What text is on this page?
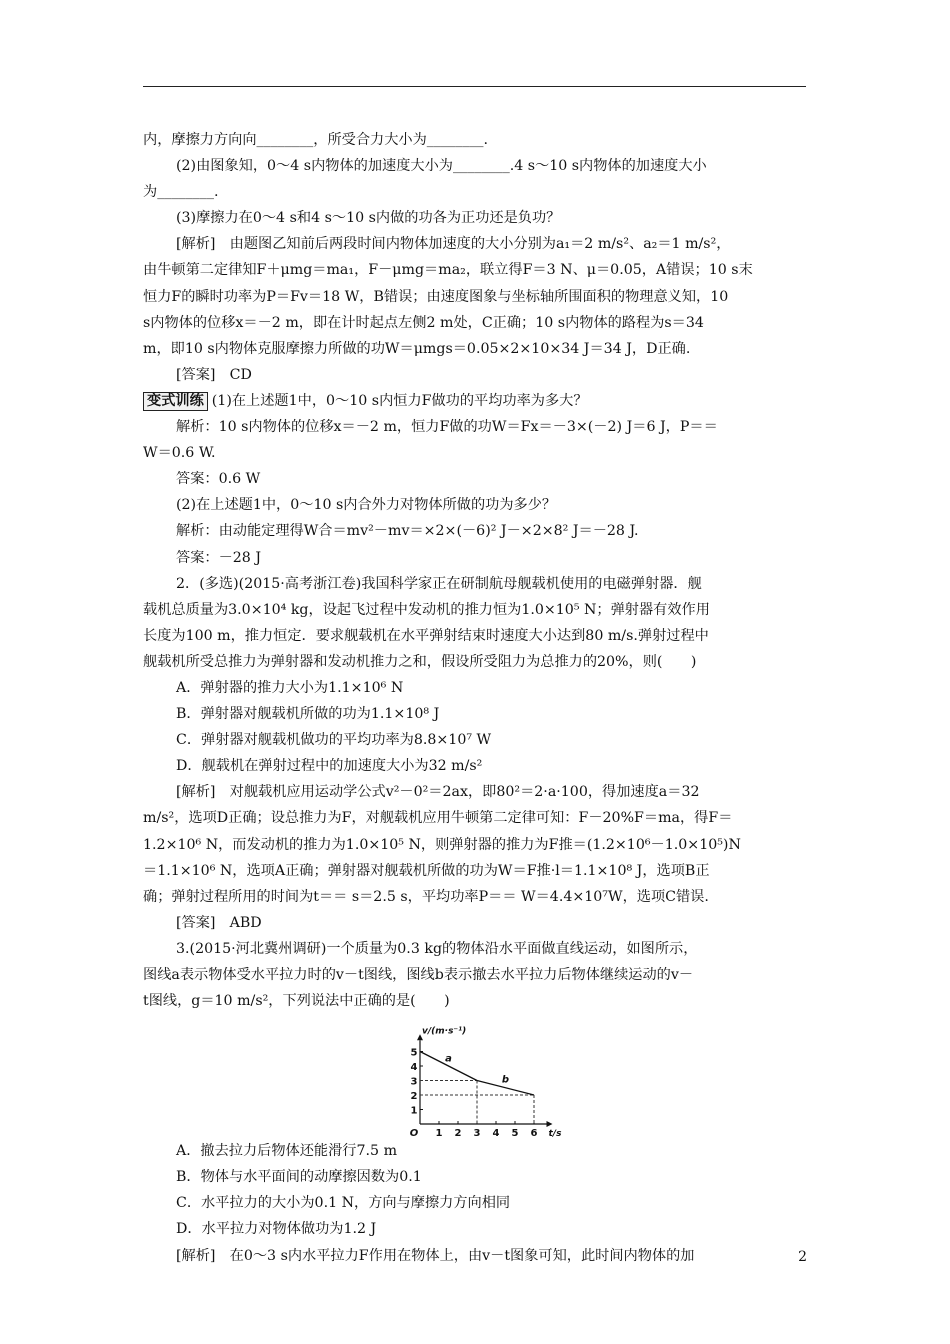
内，摩擦力方向向________，所受合力大小为________.
(2)由图象知，0～4 s内物体的加速度大小为________.4 s～10 s内物体的加速度大小
为________.
(3)摩擦力在0～4 s和4 s～10 s内做的功各为正功还是负功？
[解析]　由题图乙知前后两段时间内物体加速度的大小分别为a₁＝2 m/s²、a₂＝1 m/s²，
由牛顿第二定律知F＋μmg＝ma₁，F－μmg＝ma₂，联立得F＝3 N、μ＝0.05，A错误；10 s末
恒力F的瞬时功率为P＝Fv＝18 W，B错误；由速度图象与坐标轴所围面积的物理意义知，10
s内物体的位移x＝－2 m，即在计时起点左侧2 m处，C正确；10 s内物体的路程为s＝34
m，即10 s内物体克服摩擦力所做的功W＝μmgs＝0.05×2×10×34 J＝34 J，D正确.
[答案]　CD
变式训练 (1)在上述题1中，0～10 s内恒力F做功的平均功率为多大？
解析：10 s内物体的位移x＝－2 m，恒力F做的功W＝Fx＝－3×(－2) J＝6 J，P＝＝
W＝0.6 W.
答案：0.6 W
(2)在上述题1中，0～10 s内合外力对物体所做的功为多少？
解析：由动能定理得W合＝mv²－mv＝×2×(－6)² J－×2×8² J＝－28 J.
答案：－28 J
2．(多选)(2015·高考浙江卷)我国科学家正在研制航母舰载机使用的电磁弹射器．舰
载机总质量为3.0×10⁴ kg，设起飞过程中发动机的推力恒为1.0×10⁵ N；弹射器有效作用
长度为100 m，推力恒定．要求舰载机在水平弹射结束时速度大小达到80 m/s.弹射过程中
舰载机所受总推力为弹射器和发动机推力之和，假设所受阻力为总推力的20%，则(　　)
A．弹射器的推力大小为1.1×10⁶ N
B．弹射器对舰载机所做的功为1.1×10⁸ J
C．弹射器对舰载机做功的平均功率为8.8×10⁷ W
D．舰载机在弹射过程中的加速度大小为32 m/s²
[解析]　对舰载机应用运动学公式v²－0²＝2ax，即80²＝2·a·100，得加速度a＝32
m/s²，选项D正确；设总推力为F，对舰载机应用牛顿第二定律可知：F－20%F＝ma，得F＝
1.2×10⁶ N，而发动机的推力为1.0×10⁵ N，则弹射器的推力为F推＝(1.2×10⁶－1.0×10⁵)N
＝1.1×10⁶ N，选项A正确；弹射器对舰载机所做的功为W＝F推·l＝1.1×10⁸ J，选项B正
确；弹射过程所用的时间为t＝＝ s＝2.5 s，平均功率P＝＝ W＝4.4×10⁷W，选项C错误.
[答案]　ABD
3.(2015·河北冀州调研)一个质量为0.3 kg的物体沿水平面做直线运动，如图所示，
图线a表示物体受水平拉力时的v－t图线，图线b表示撤去水平拉力后物体继续运动的v－
t图线，g＝10 m/s²，下列说法中正确的是(　　)
1
2
3
4
5
1 2 3 4 5 6
O
v/(m·s⁻¹)
t/s
a
b
A．撤去拉力后物体还能滑行7.5 m
B．物体与水平面间的动摩擦因数为0.1
C．水平拉力的大小为0.1 N，方向与摩擦力方向相同
D．水平拉力对物体做功为1.2 J
[解析]　在0～3 s内水平拉力F作用在物体上，由v－t图象可知，此时间内物体的加	2
